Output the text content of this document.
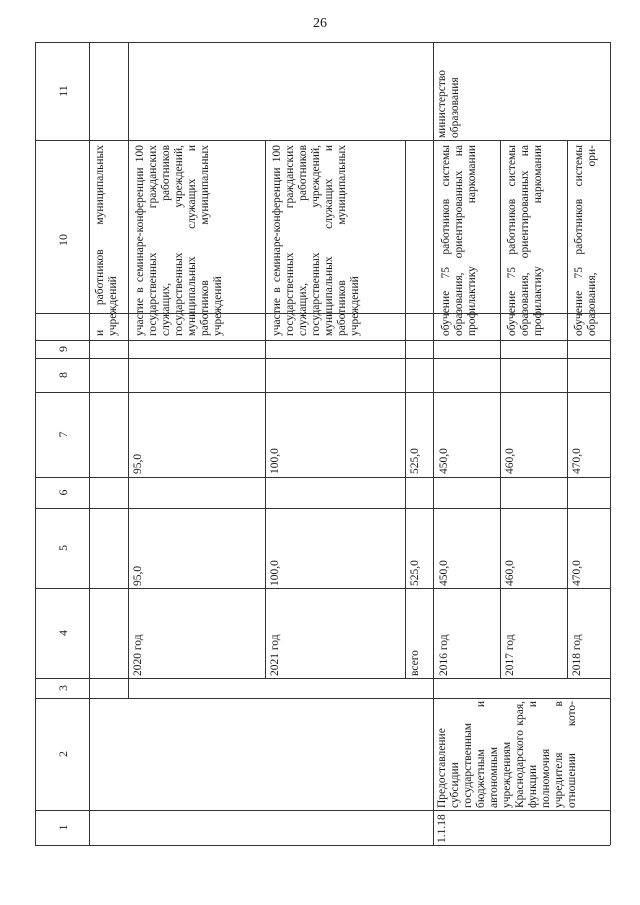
26
1
2
3
4
5
6
7
8
9
10
11
и работников муниципальных учреждений
2020 год
95,0
95,0
участие в семинаре-конференции 100 государственных гражданских служащих, работников государственных учреждений, муниципальных служащих и работников муниципальных учреждений
2021 год
100,0
100,0
участие в семинаре-конференции 100 государственных гражданских служащих, работников государственных учреждений, муниципальных служащих и работников муниципальных учреждений
всего
525,0
525,0
2016 год
450,0
450,0
обучение 75 работников системы образования, ориентированных на профилактику наркомании
2017 год
460,0
460,0
обучение 75 работников системы образования, ориентированных на профилактику наркомании
2018 год
470,0
470,0
обучение 75 работников системы образования, ори-
1.1.18
Предоставление субсидии государственным бюджетным и автономным учреждениям Краснодарского края, функции и полномочия учредителя в отношении кото-
министерство образования
